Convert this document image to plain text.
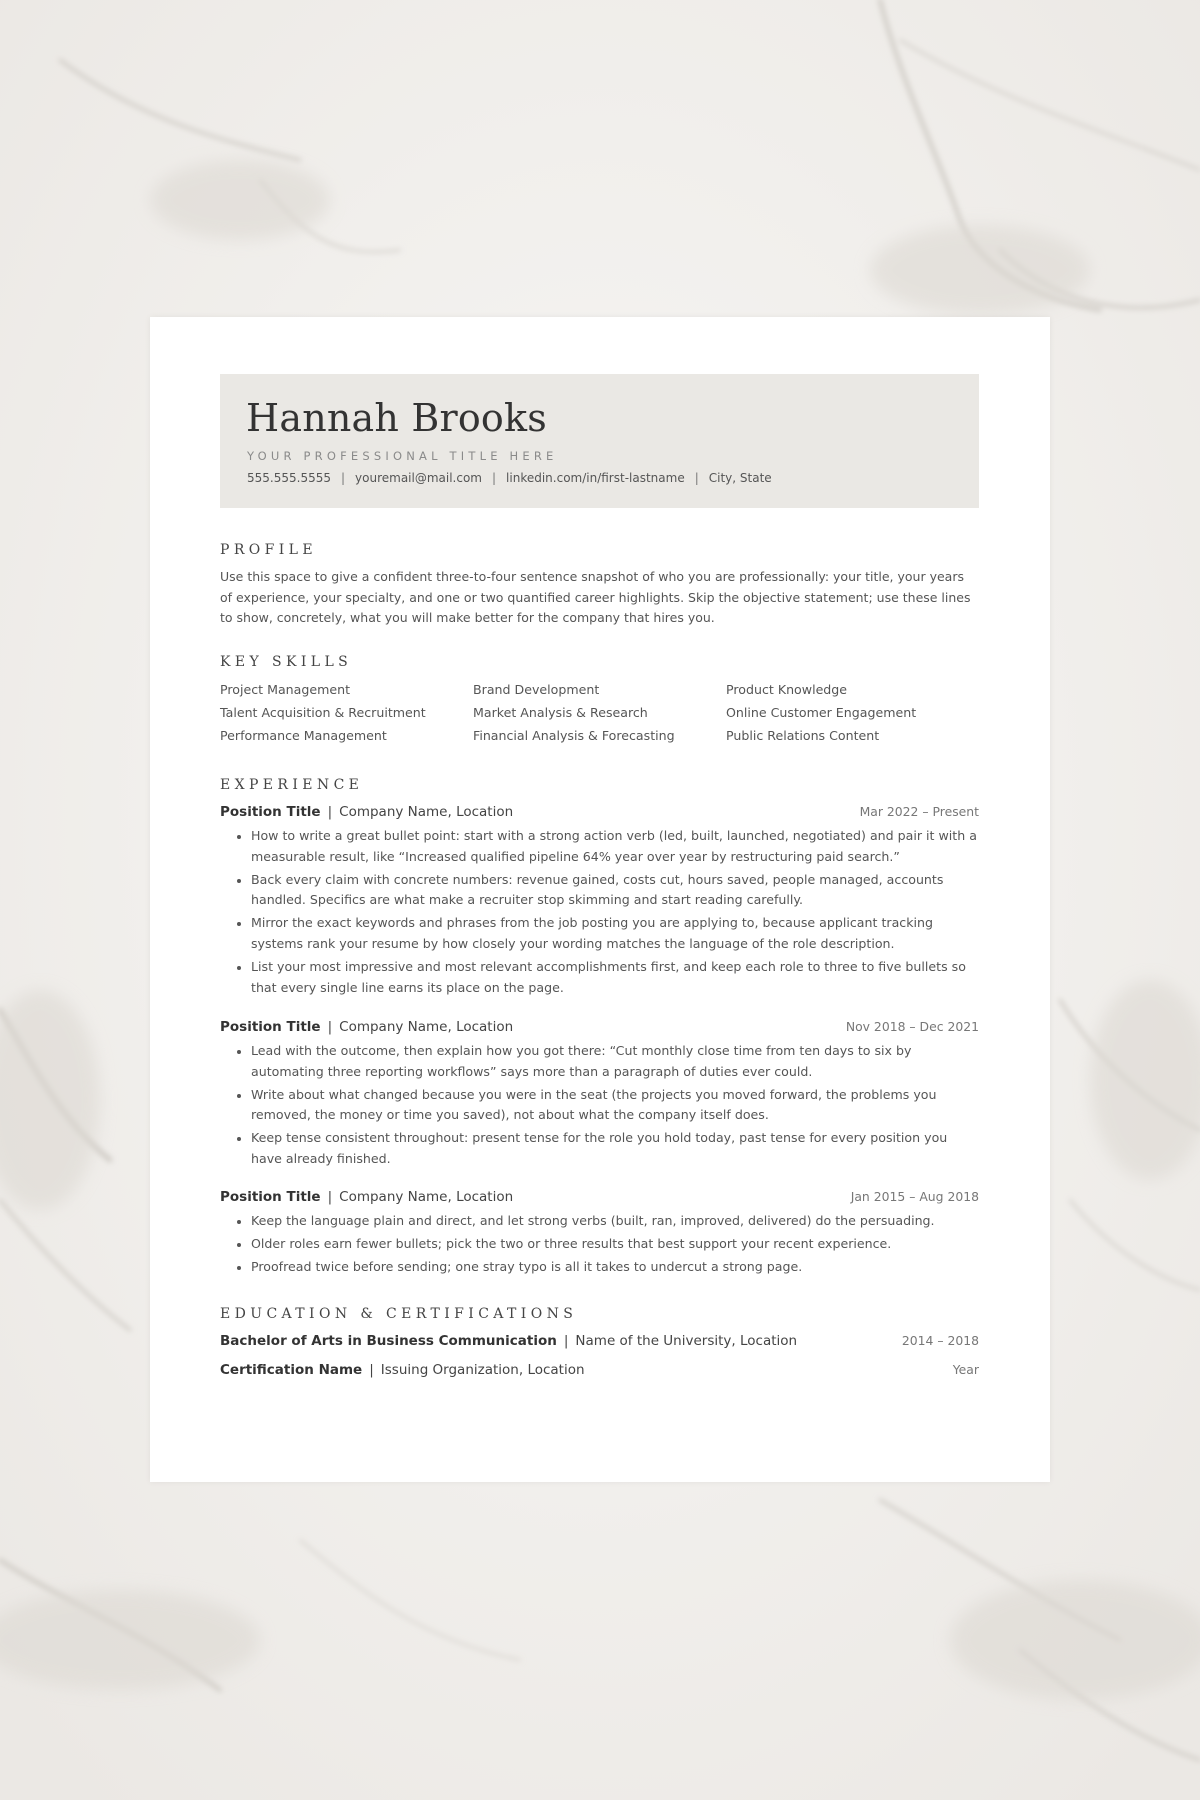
Hannah Brooks
YOUR PROFESSIONAL TITLE HERE
555.555.5555 | youremail@mail.com | linkedin.com/in/first-lastname | City, State
PROFILE
Use this space to give a confident three-to-four sentence snapshot of who you are professionally: your title, your years of experience, your specialty, and one or two quantified career highlights. Skip the objective statement; use these lines to show, concretely, what you will make better for the company that hires you.
KEY SKILLS
Project Management	Brand Development	Product Knowledge
Talent Acquisition & Recruitment	Market Analysis & Research	Online Customer Engagement
Performance Management	Financial Analysis & Forecasting	Public Relations Content
EXPERIENCE
Position Title | Company Name, Location	Mar 2022 – Present
How to write a great bullet point: start with a strong action verb (led, built, launched, negotiated) and pair it with a measurable result, like “Increased qualified pipeline 64% year over year by restructuring paid search.”
Back every claim with concrete numbers: revenue gained, costs cut, hours saved, people managed, accounts handled. Specifics are what make a recruiter stop skimming and start reading carefully.
Mirror the exact keywords and phrases from the job posting you are applying to, because applicant tracking systems rank your resume by how closely your wording matches the language of the role description.
List your most impressive and most relevant accomplishments first, and keep each role to three to five bullets so that every single line earns its place on the page.
Position Title | Company Name, Location	Nov 2018 – Dec 2021
Lead with the outcome, then explain how you got there: “Cut monthly close time from ten days to six by automating three reporting workflows” says more than a paragraph of duties ever could.
Write about what changed because you were in the seat (the projects you moved forward, the problems you removed, the money or time you saved), not about what the company itself does.
Keep tense consistent throughout: present tense for the role you hold today, past tense for every position you have already finished.
Position Title | Company Name, Location	Jan 2015 – Aug 2018
Keep the language plain and direct, and let strong verbs (built, ran, improved, delivered) do the persuading.
Older roles earn fewer bullets; pick the two or three results that best support your recent experience.
Proofread twice before sending; one stray typo is all it takes to undercut a strong page.
EDUCATION & CERTIFICATIONS
Bachelor of Arts in Business Communication | Name of the University, Location	2014 – 2018
Certification Name | Issuing Organization, Location	Year
